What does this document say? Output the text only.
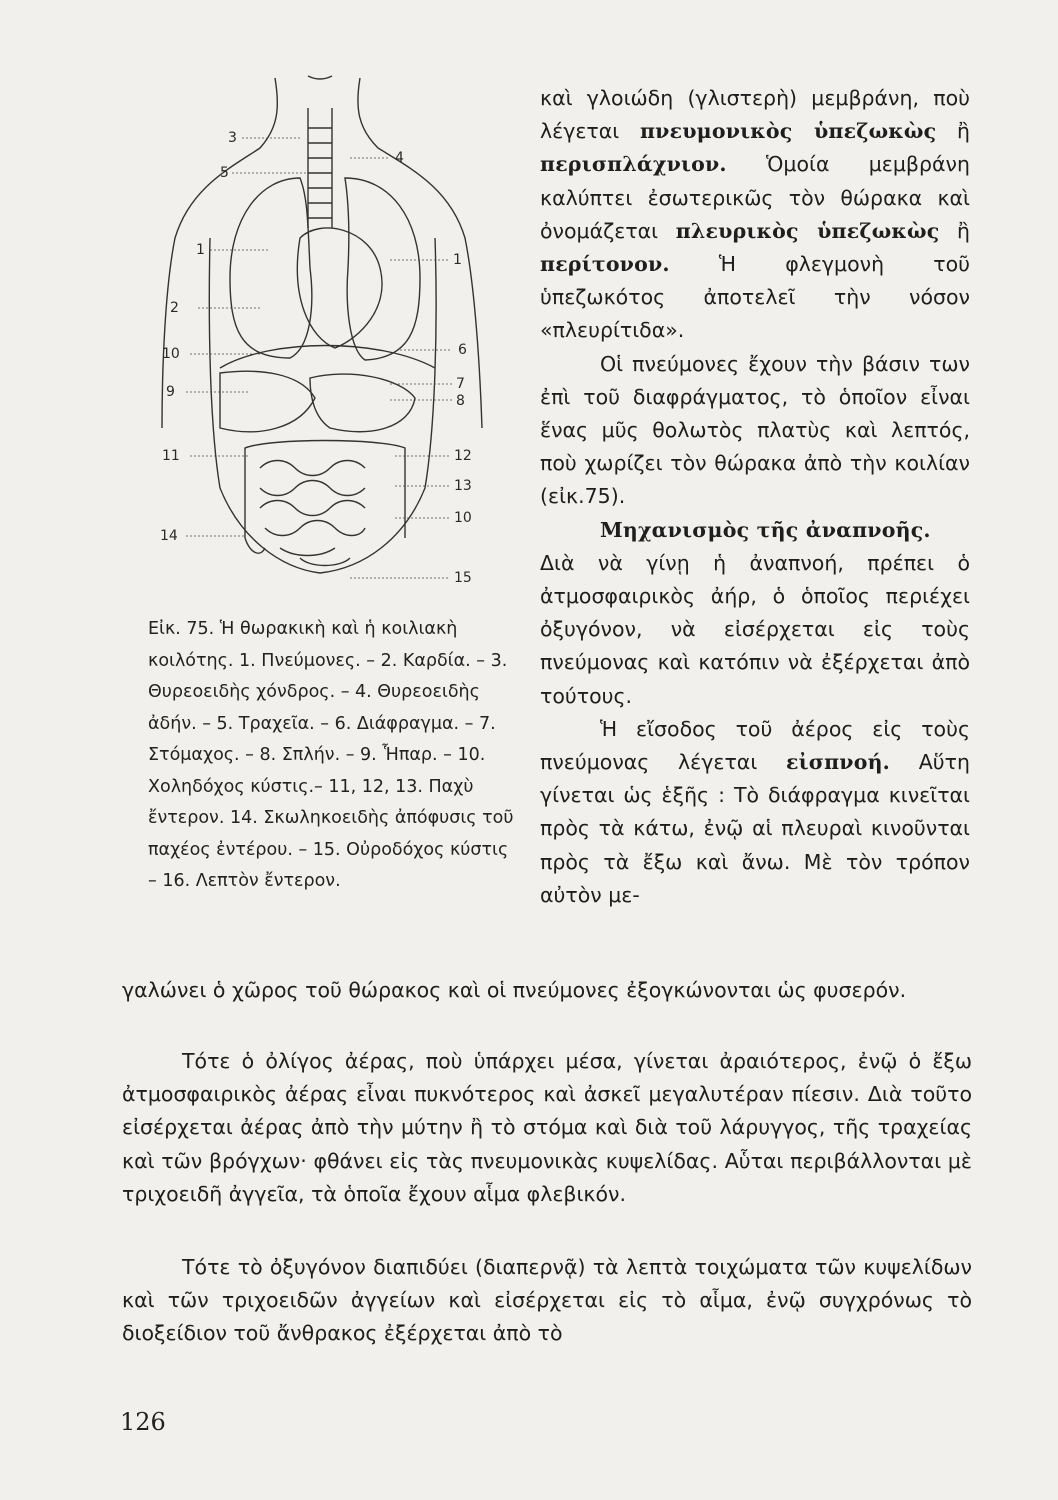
3
4
5
1
1
2
10	6
9	7
8
11	12
13
10
14
15
Εἰκ. 75. Ἡ θωρακικὴ καὶ ἡ κοιλιακὴ κοιλότης. 1. Πνεύμονες. – 2. Καρδία. – 3. Θυρεοειδὴς χόνδρος. – 4. Θυρεοειδὴς ἀδήν. – 5. Τραχεῖα. – 6. Διάφραγμα. – 7. Στόμαχος. – 8. Σπλήν. – 9. Ἧπαρ. – 10. Χοληδόχος κύστις.– 11, 12, 13. Παχὺ ἔντερον. 14. Σκωληκοειδὴς ἀπόφυσις τοῦ παχέος ἐντέρου. – 15. Οὐροδόχος κύστις – 16. Λεπτὸν ἔντερον.

καὶ γλοιώδη (γλιστερὴ) μεμβράνη, ποὺ λέγεται πνευμονικὸς ὑπεζωκὼς ἢ περισπλάχνιον. Ὁμοία μεμβράνη καλύπτει ἐσωτερικῶς τὸν θώρακα καὶ ὀνομάζεται πλευρικὸς ὑπεζωκὼς ἢ περίτονον. Ἡ φλεγμονὴ τοῦ ὑπεζωκότος ἀποτελεῖ τὴν νόσον «πλευρίτιδα».

Οἱ πνεύμονες ἔχουν τὴν βάσιν των ἐπὶ τοῦ διαφράγματος, τὸ ὁποῖον εἶναι ἕνας μῦς θολωτὸς πλατὺς καὶ λεπτός, ποὺ χωρίζει τὸν θώρακα ἀπὸ τὴν κοιλίαν (εἰκ.75).

Μηχανισμὸς τῆς ἀναπνοῆς.

Διὰ νὰ γίνῃ ἡ ἀναπνοή, πρέπει ὁ ἀτμοσφαιρικὸς ἀήρ, ὁ ὁποῖος περιέχει ὀξυγόνον, νὰ εἰσέρχεται εἰς τοὺς πνεύμονας καὶ κατόπιν νὰ ἐξέρχεται ἀπὸ τούτους.

Ἡ εἴσοδος τοῦ ἀέρος εἰς τοὺς πνεύμονας λέγεται εἰσπνοή. Αὕτη γίνεται ὡς ἑξῆς : Τὸ διάφραγμα κινεῖται πρὸς τὰ κάτω, ἐνῷ αἱ πλευραὶ κινοῦνται πρὸς τὰ ἔξω καὶ ἄνω. Μὲ τὸν τρόπον αὐτὸν με-

γαλώνει ὁ χῶρος τοῦ θώρακος καὶ οἱ πνεύμονες ἐξογκώνονται ὡς φυσερόν.

Τότε ὁ ὀλίγος ἀέρας, ποὺ ὑπάρχει μέσα, γίνεται ἀραιότερος, ἐνῷ ὁ ἔξω ἀτμοσφαιρικὸς ἀέρας εἶναι πυκνότερος καὶ ἀσκεῖ μεγαλυτέραν πίεσιν. Διὰ τοῦτο εἰσέρχεται ἀέρας ἀπὸ τὴν μύτην ἢ τὸ στόμα καὶ διὰ τοῦ λάρυγγος, τῆς τραχείας καὶ τῶν βρόγχων· φθάνει εἰς τὰς πνευμονικὰς κυψελίδας. Αὗται περιβάλλονται μὲ τριχοειδῆ ἀγγεῖα, τὰ ὁποῖα ἔχουν αἷμα φλεβικόν.

Τότε τὸ ὀξυγόνον διαπιδύει (διαπερνᾷ) τὰ λεπτὰ τοιχώματα τῶν κυψελίδων καὶ τῶν τριχοειδῶν ἀγγείων καὶ εἰσέρχεται εἰς τὸ αἷμα, ἐνῷ συγχρόνως τὸ διοξείδιον τοῦ ἄνθρακος ἐξέρχεται ἀπὸ τὸ

126
